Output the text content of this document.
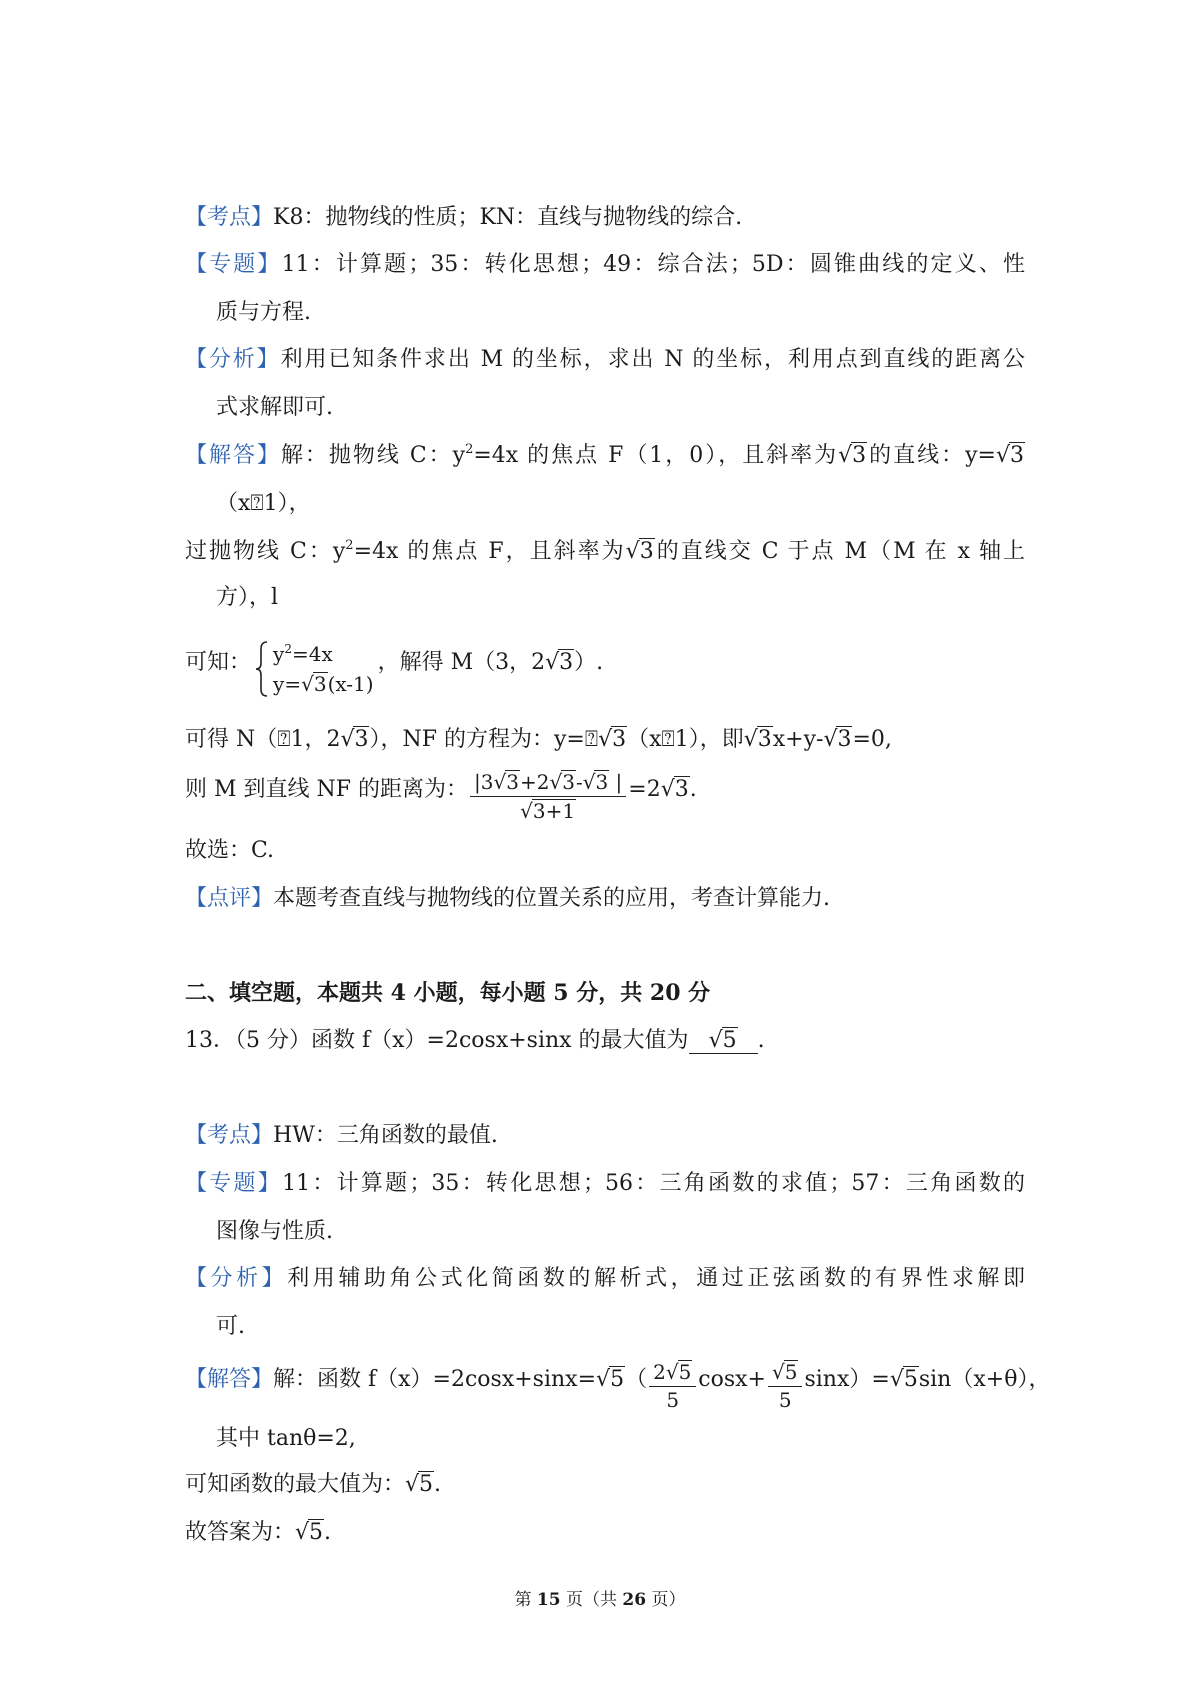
【考点】K8：抛物线的性质；KN：直线与抛物线的综合.
【专题】11：计算题；35：转化思想；49：综合法；5D：圆锥曲线的定义、性
质与方程.
【分析】利用已知条件求出 M 的坐标，求出 N 的坐标，利用点到直线的距离公
式求解即可.
【解答】解：抛物线 C：$y^2=4x$ 的焦点 F（1，0），且斜率为√ 3的直线：y=√ 3
（x⍰1），
过抛物线 C：$y^2=4x$ 的焦点 F，且斜率为√ 3的直线交 C 于点 M（M 在 x 轴上
方），l
可知： $y^2=4x$
y=√ 3(x-1)
，解得 M（3，2√ 3）.
可得 N（⍰1，2√ 3），NF 的方程为：y=⍰√ 3（x⍰1），即√ 3x+y-√ 3=0,
则 M 到直线 NF 的距离为： |3√ 3+2√ 3-√ 3 |
√ 3+1 =2√ 3.
故选：C.
【点评】本题考查直线与抛物线的位置关系的应用，考查计算能力.
二、填空题，本题共 4 小题，每小题 5 分，共 20 分
13．（5 分）函数 f（x）=2cosx+sinx 的最大值为√ 5 .
【考点】HW：三角函数的最值.
【专题】11：计算题；35：转化思想；56：三角函数的求值；57：三角函数的
图像与性质.
【分析】利用辅助角公式化简函数的解析式，通过正弦函数的有界性求解即
可.
【解答】解：函数 f（x）=2cosx+sinx=√ $5( \frac{2√ 5}{5} \cos x+$
√ $\frac{5}{5} \sin x)=√$ 5sin（x+θ），
其中 tanθ=2,
可知函数的最大值为：√ 5.
故答案为：√ 5.
第 15 页（共 26 页）
